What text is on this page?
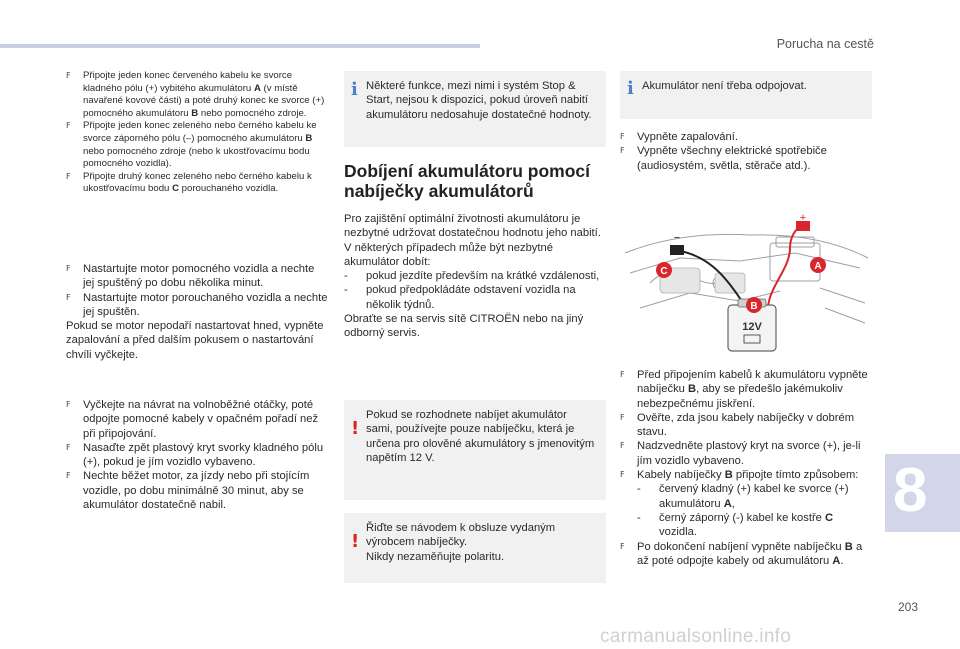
Porucha na cestě
F Připojte jeden konec červeného kabelu ke svorce kladného pólu (+) vybitého akumulátoru A (v místě navařené kovové části) a poté druhý konec ke svorce (+) pomocného akumulátoru B nebo pomocného zdroje.
F Připojte jeden konec zeleného nebo černého kabelu ke svorce záporného pólu (–) pomocného akumulátoru B nebo pomocného zdroje (nebo k ukostřovacímu bodu pomocného vozidla).
F Připojte druhý konec zeleného nebo černého kabelu k ukostřovacímu bodu C porouchaného vozidla.
F Nastartujte motor pomocného vozidla a nechte jej spuštěný po dobu několika minut.
F Nastartujte motor porouchaného vozidla a nechte jej spuštěn.

Pokud se motor nepodaří nastartovat hned, vypněte zapalování a před dalším pokusem o nastartování chvíli vyčkejte.

F Vyčkejte na návrat na volnoběžné otáčky, poté odpojte pomocné kabely v opačném pořadí než při připojování.
F Nasaďte zpět plastový kryt svorky kladného pólu (+), pokud je jím vozidlo vybaveno.
F Nechte běžet motor, za jízdy nebo při stojícím vozidle, po dobu minimálně 30 minut, aby se akumulátor dostatečně nabil.
i Některé funkce, mezi nimi i systém Stop & Start, nejsou k dispozici, pokud úroveň nabití akumulátoru nedosahuje dostatečné hodnoty.
Dobíjení akumulátoru pomocí nabíječky akumulátorů

Pro zajištění optimální životnosti akumulátoru je nezbytné udržovat dostatečnou hodnotu jeho nabití.

V některých případech může být nezbytné akumulátor dobít:

- pokud jezdíte především na krátké vzdálenosti,
- pokud předpokládáte odstavení vozidla na několik týdnů.

Obraťte se na servis sítě CITROËN nebo na jiný odborný servis.

!
Pokud se rozhodnete nabíjet akumulátor sami, používejte pouze nabíječku, která je určena pro olověné akumulátory s jmenovitým napětím 12 V.
!
Řiďte se návodem k obsluze vydaným výrobcem nabíječky.
Nikdy nezaměňujte polaritu.
i Akumulátor není třeba odpojovat.
F Vypněte zapalování.
F Vypněte všechny elektrické spotřebiče (audiosystém, světla, stěrače atd.).
+
−
12V
A
B
C
F Před připojením kabelů k akumulátoru vypněte nabíječku B, aby se předešlo jakémukoliv nebezpečnému jiskření.
F Ověřte, zda jsou kabely nabíječky v dobrém stavu.
F Nadzvedněte plastový kryt na svorce (+), je-li jím vozidlo vybaveno.
F Kabely nabíječky B připojte tímto způsobem:
- červený kladný (+) kabel ke svorce (+) akumulátoru A,
- černý záporný (-) kabel ke kostře C vozidla.
F Po dokončení nabíjení vypněte nabíječku B a až poté odpojte kabely od akumulátoru A.
8
203
carmanualsonline.info
